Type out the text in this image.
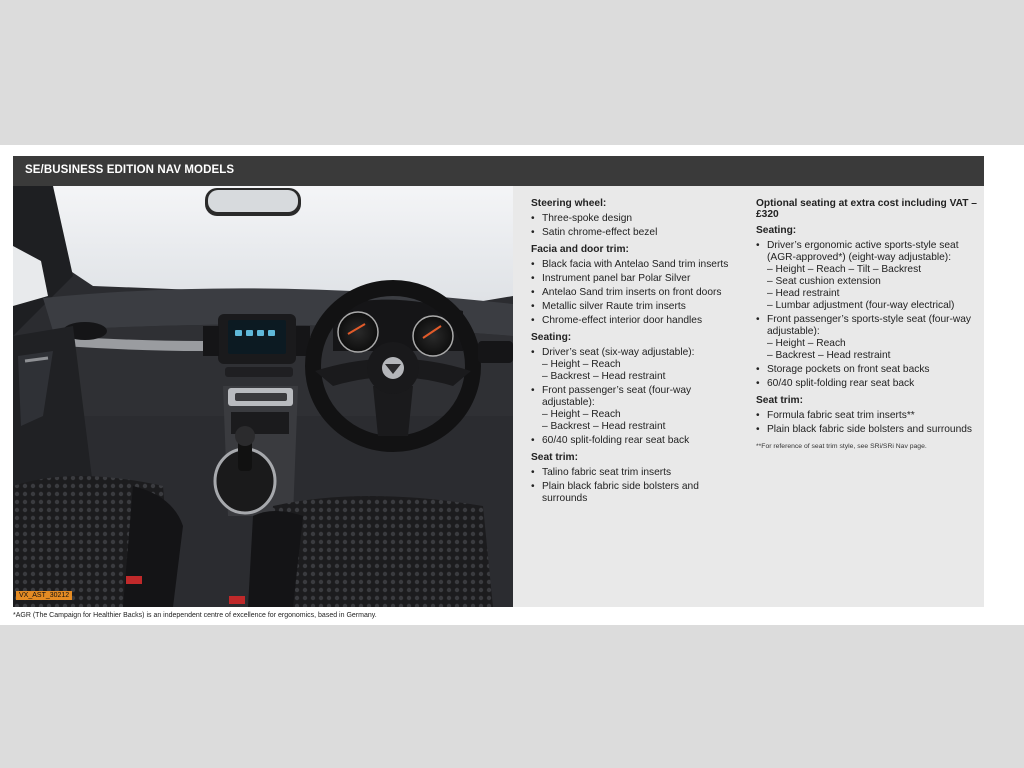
SE/BUSINESS EDITION NAV MODELS
VX_AST_30212
Steering wheel:
• Three-spoke design
• Satin chrome-effect bezel
Facia and door trim:
• Black facia with Antelao Sand trim inserts
• Instrument panel bar Polar Silver
• Antelao Sand trim inserts on front doors
• Metallic silver Raute trim inserts
• Chrome-effect interior door handles
Seating:
• Driver’s seat (six-way adjustable):
– Height – Reach
– Backrest – Head restraint
• Front passenger’s seat (four-way adjustable):
– Height – Reach
– Backrest – Head restraint
• 60/40 split-folding rear seat back
Seat trim:
• Talino fabric seat trim inserts
• Plain black fabric side bolsters and surrounds
Optional seating at extra cost including VAT – £320
Seating:
• Driver’s ergonomic active sports-style seat (AGR-approved*) (eight-way adjustable):
– Height – Reach – Tilt – Backrest
– Seat cushion extension
– Head restraint
– Lumbar adjustment (four-way electrical)
• Front passenger’s sports-style seat (four-way adjustable):
– Height – Reach
– Backrest – Head restraint
• Storage pockets on front seat backs
• 60/40 split-folding rear seat back
Seat trim:
• Formula fabric seat trim inserts**
• Plain black fabric side bolsters and surrounds
**For reference of seat trim style, see SRi/SRi Nav page.
*AGR (The Campaign for Healthier Backs) is an independent centre of excellence for ergonomics, based in Germany.
